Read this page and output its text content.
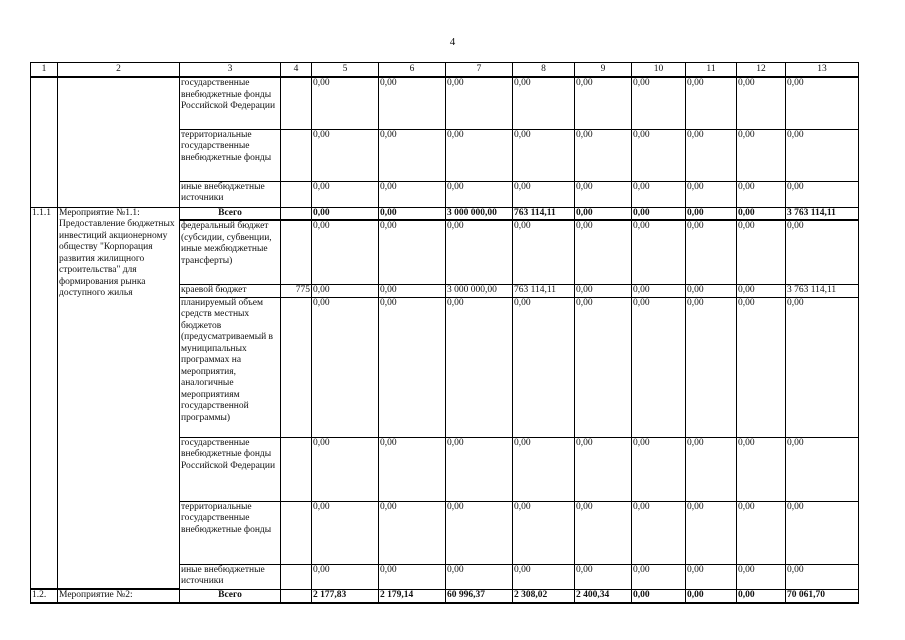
4
1	2	3	4	5	6	7	8	9	10	11	12	13
		государственные внебюджетные фонды Российской Федерации		0,00	0,00	0,00	0,00	0,00	0,00	0,00	0,00	0,00
		территориальные государственные внебюджетные фонды		0,00	0,00	0,00	0,00	0,00	0,00	0,00	0,00	0,00
		иные внебюджетные источники		0,00	0,00	0,00	0,00	0,00	0,00	0,00	0,00	0,00
1.1.1	Мероприятие №1.1: Предоставление бюджетных инвестиций акционерному обществу "Корпорация развития жилищного строительства" для формирования рынка доступного жилья	Всего		0,00	0,00	3 000 000,00	763 114,11	0,00	0,00	0,00	0,00	3 763 114,11
		федеральный бюджет (субсидии, субвенции, иные межбюджетные трансферты)		0,00	0,00	0,00	0,00	0,00	0,00	0,00	0,00	0,00
		краевой бюджет	775	0,00	0,00	3 000 000,00	763 114,11	0,00	0,00	0,00	0,00	3 763 114,11
		планируемый объем средств местных бюджетов (предусматриваемый в муниципальных программах на мероприятия, аналогичные мероприятиям государственной программы)		0,00	0,00	0,00	0,00	0,00	0,00	0,00	0,00	0,00
		государственные внебюджетные фонды Российской Федерации		0,00	0,00	0,00	0,00	0,00	0,00	0,00	0,00	0,00
		территориальные государственные внебюджетные фонды		0,00	0,00	0,00	0,00	0,00	0,00	0,00	0,00	0,00
		иные внебюджетные источники		0,00	0,00	0,00	0,00	0,00	0,00	0,00	0,00	0,00
1.2.	Мероприятие №2:	Всего		2 177,83	2 179,14	60 996,37	2 308,02	2 400,34	0,00	0,00	0,00	70 061,70
